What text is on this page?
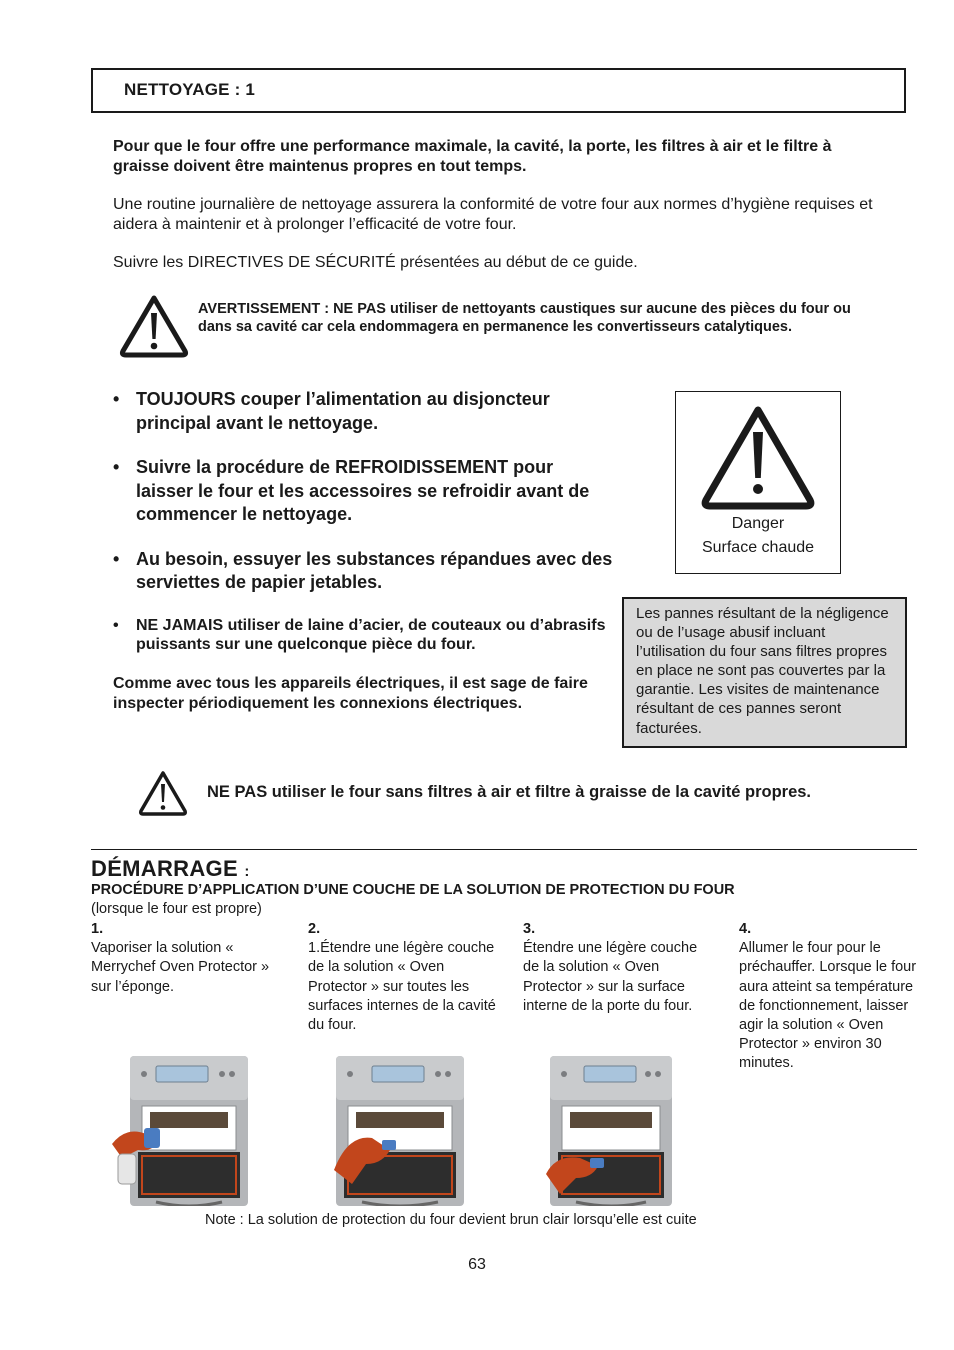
NETTOYAGE : 1

Pour que le four offre une performance maximale, la cavité, la porte, les filtres à air et le filtre à graisse doivent être maintenus propres en tout temps.

Une routine journalière de nettoyage assurera la conformité de votre four aux normes d’hygiène requises et aidera à maintenir et à prolonger l’efficacité de votre four.

Suivre les DIRECTIVES DE SÉCURITÉ présentées au début de ce guide.

AVERTISSEMENT : NE PAS utiliser de nettoyants caustiques sur aucune des pièces du four ou dans sa cavité car cela endommagera en permanence les convertisseurs catalytiques.

• TOUJOURS couper l’alimentation au disjoncteur principal avant le nettoyage.
• Suivre la procédure de REFROIDISSEMENT pour laisser le four et les accessoires se refroidir avant de commencer le nettoyage.
• Au besoin, essuyer les substances répandues avec des serviettes de papier jetables.
• NE JAMAIS utiliser de laine d’acier, de couteaux ou d’abrasifs puissants sur une quelconque pièce du four.

Comme avec tous les appareils électriques, il est sage de faire inspecter périodiquement les connexions électriques.

Danger
Surface chaude

Les pannes résultant de la négligence ou de l’usage abusif incluant l’utilisation du four sans filtres propres en place ne sont pas couvertes par la garantie. Les visites de maintenance résultant de ces pannes seront facturées.

NE PAS utiliser le four sans filtres à air et filtre à graisse de la cavité propres.

DÉMARRAGE :

PROCÉDURE D’APPLICATION D’UNE COUCHE DE LA SOLUTION DE PROTECTION DU FOUR

(lorsque le four est propre)

1.
Vaporiser la solution « Merrychef Oven Protector » sur l’éponge.
2.
1.Étendre une légère couche de la solution « Oven Protector » sur toutes les surfaces internes de la cavité du four.
3.
Étendre une légère couche de la solution « Oven Protector » sur la surface interne de la porte du four.
4.
Allumer le four pour le préchauffer. Lorsque le four aura atteint sa température de fonctionnement, laisser agir la solution « Oven Protector » environ 30 minutes.

Note : La solution de protection du four devient brun clair lorsqu’elle est cuite

63
